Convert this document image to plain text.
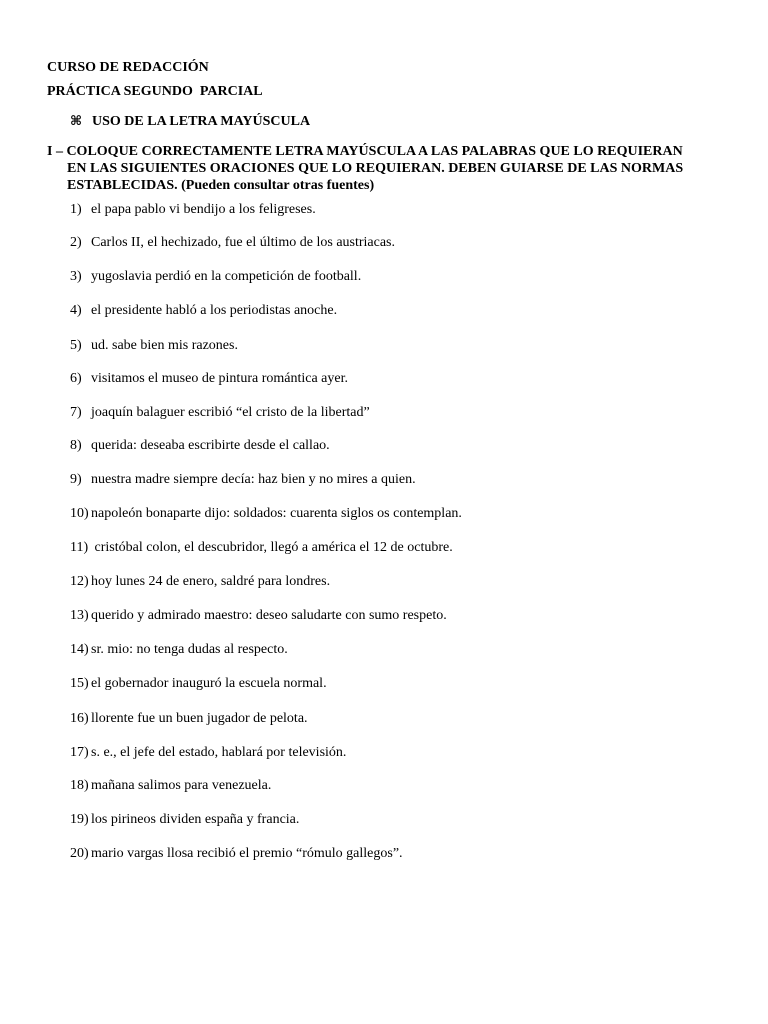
CURSO DE REDACCIÓN
PRÁCTICA SEGUNDO  PARCIAL
⌘ USO DE LA LETRA MAYÚSCULA
I – COLOQUE CORRECTAMENTE LETRA MAYÚSCULA A LAS PALABRAS QUE LO REQUIERAN
EN LAS SIGUIENTES ORACIONES QUE LO REQUIERAN. DEBEN GUIARSE DE LAS NORMAS
ESTABLECIDAS. (Pueden consultar otras fuentes)
1) el papa pablo vi bendijo a los feligreses.
2) Carlos II, el hechizado, fue el último de los austriacas.
3) yugoslavia perdió en la competición de football.
4) el presidente habló a los periodistas anoche.
5) ud. sabe bien mis razones.
6) visitamos el museo de pintura romántica ayer.
7) joaquín balaguer escribió “el cristo de la libertad”
8) querida: deseaba escribirte desde el callao.
9) nuestra madre siempre decía: haz bien y no mires a quien.
10) napoleón bonaparte dijo: soldados: cuarenta siglos os contemplan.
11) cristóbal colon, el descubridor, llegó a américa el 12 de octubre.
12) hoy lunes 24 de enero, saldré para londres.
13) querido y admirado maestro: deseo saludarte con sumo respeto.
14) sr. mio: no tenga dudas al respecto.
15) el gobernador inauguró la escuela normal.
16) llorente fue un buen jugador de pelota.
17) s. e., el jefe del estado, hablará por televisión.
18) mañana salimos para venezuela.
19) los pirineos dividen españa y francia.
20) mario vargas llosa recibió el premio “rómulo gallegos”.
